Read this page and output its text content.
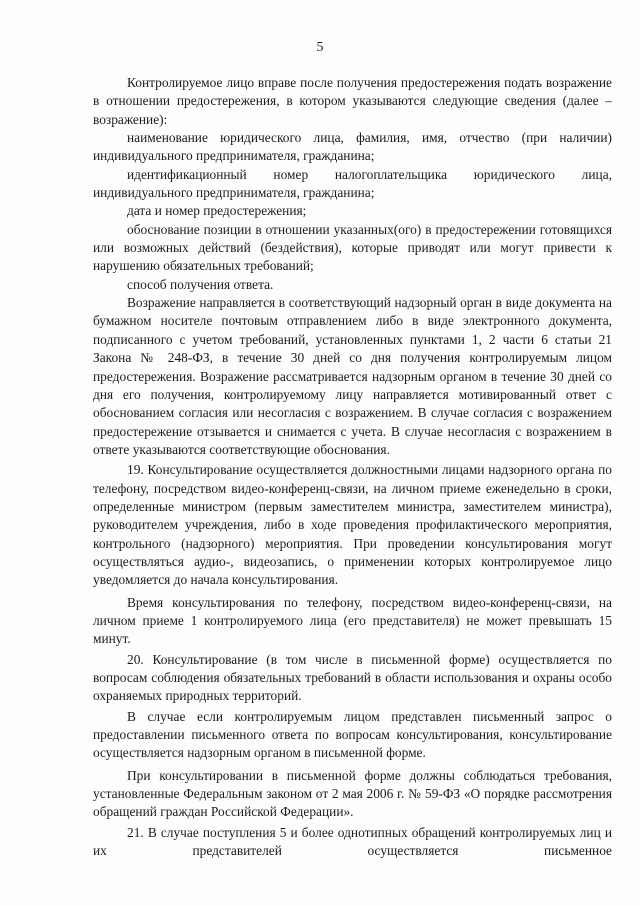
5

Контролируемое лицо вправе после получения предостережения подать возражение в отношении предостережения, в котором указываются следующие сведения (далее – возражение):

наименование юридического лица, фамилия, имя, отчество (при наличии) индивидуального предпринимателя, гражданина;

идентификационный номер налогоплательщика юридического лица, индивидуального предпринимателя, гражданина;

дата и номер предостережения;

обоснование позиции в отношении указанных(ого) в предостережении готовящихся или возможных действий (бездействия), которые приводят или могут привести к нарушению обязательных требований;

способ получения ответа.

Возражение направляется в соответствующий надзорный орган в виде документа на бумажном носителе почтовым отправлением либо в виде электронного документа, подписанного с учетом требований, установленных пунктами 1, 2 части 6 статьи 21 Закона № 248-ФЗ, в течение 30 дней со дня получения контролируемым лицом предостережения. Возражение рассматривается надзорным органом в течение 30 дней со дня его получения, контролируемому лицу направляется мотивированный ответ с обоснованием согласия или несогласия с возражением. В случае согласия с возражением предостережение отзывается и снимается с учета. В случае несогласия с возражением в ответе указываются соответствующие обоснования.

19. Консультирование осуществляется должностными лицами надзорного органа по телефону, посредством видео-конференц-связи, на личном приеме еженедельно в сроки, определенные министром (первым заместителем министра, заместителем министра), руководителем учреждения, либо в ходе проведения профилактического мероприятия, контрольного (надзорного) мероприятия. При проведении консультирования могут осуществляться аудио-, видеозапись, о применении которых контролируемое лицо уведомляется до начала консультирования.

Время консультирования по телефону, посредством видео-конференц-связи, на личном приеме 1 контролируемого лица (его представителя) не может превышать 15 минут.

20. Консультирование (в том числе в письменной форме) осуществляется по вопросам соблюдения обязательных требований в области использования и охраны особо охраняемых природных территорий.

В случае если контролируемым лицом представлен письменный запрос о предоставлении письменного ответа по вопросам консультирования, консультирование осуществляется надзорным органом в письменной форме.

При консультировании в письменной форме должны соблюдаться требования, установленные Федеральным законом от 2 мая 2006 г. № 59-ФЗ «О порядке рассмотрения обращений граждан Российской Федерации».

21. В случае поступления 5 и более однотипных обращений контролируемых лиц и их представителей осуществляется письменное
